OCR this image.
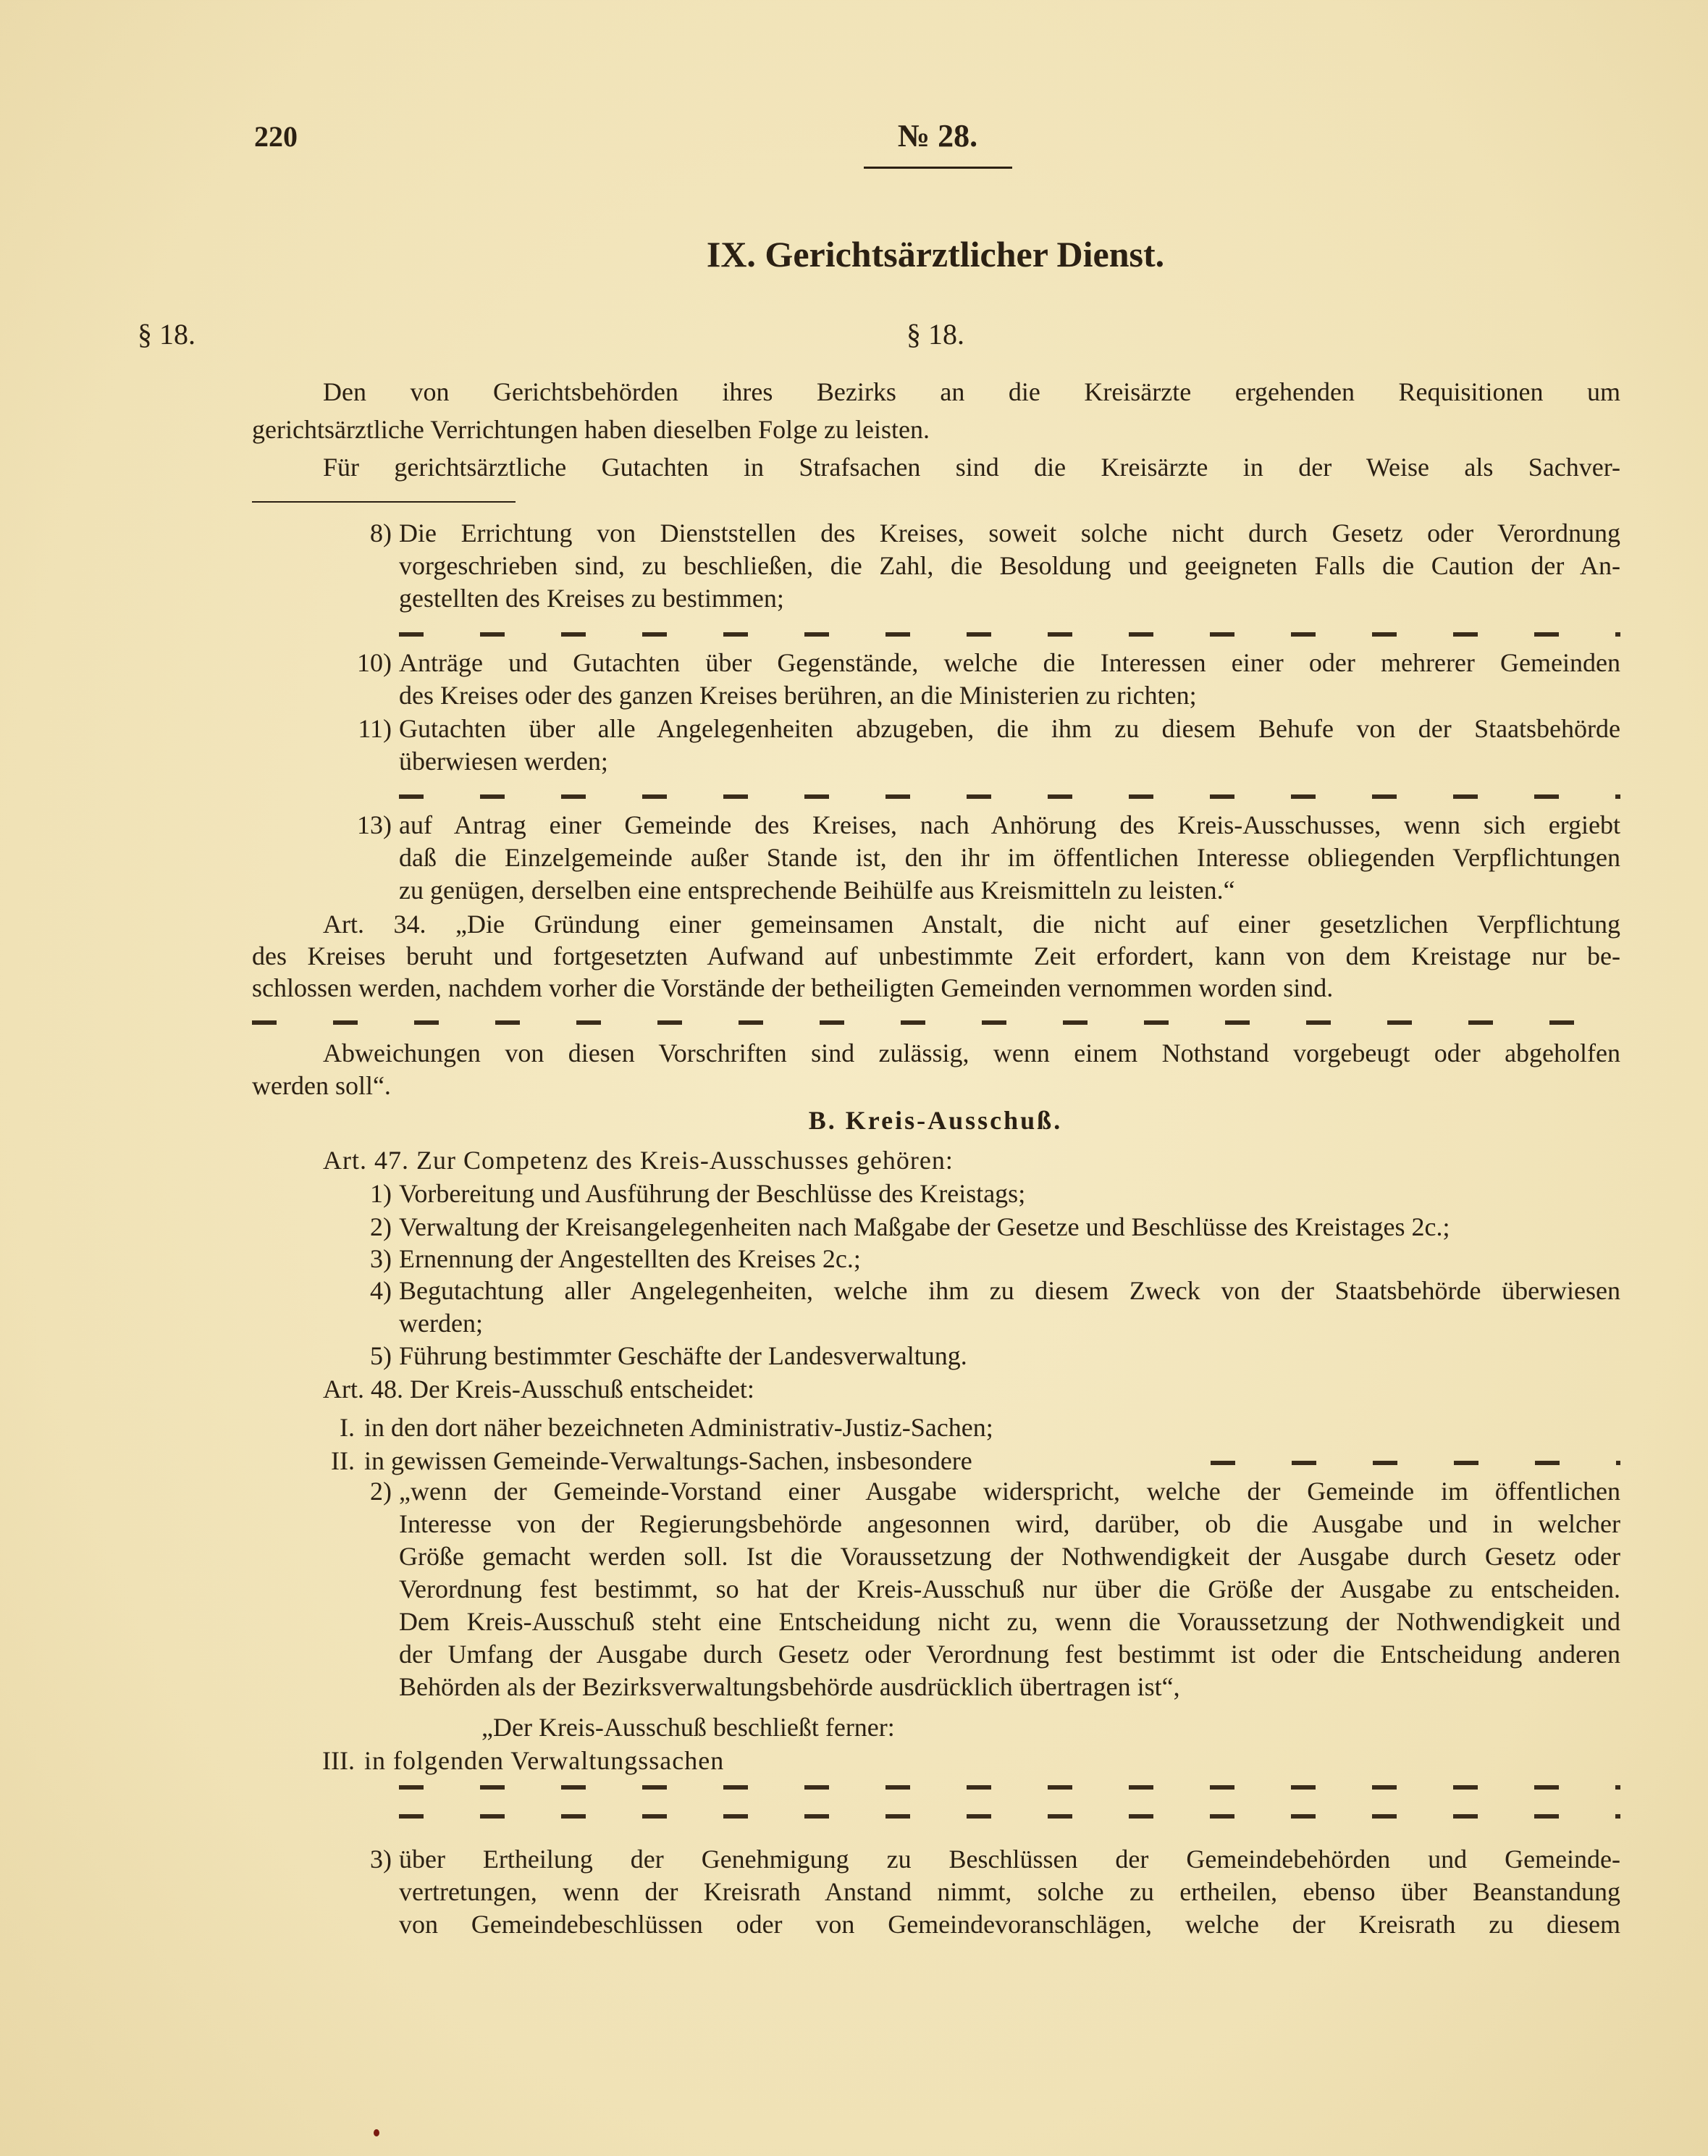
220	№ 28.
IX. Gerichtsärztlicher Dienst.
§ 18.	§ 18.
Den von Gerichtsbehörden ihres Bezirks an die Kreisärzte ergehenden Requisitionen um
gerichtsärztliche Verrichtungen haben dieselben Folge zu leisten.
Für gerichtsärztliche Gutachten in Strafsachen sind die Kreisärzte in der Weise als Sachver-
8) Die Errichtung von Dienststellen des Kreises, soweit solche nicht durch Gesetz oder Verordnung
vorgeschrieben sind, zu beschließen, die Zahl, die Besoldung und geeigneten Falls die Caution der An-
gestellten des Kreises zu bestimmen;
10) Anträge und Gutachten über Gegenstände, welche die Interessen einer oder mehrerer Gemeinden
des Kreises oder des ganzen Kreises berühren, an die Ministerien zu richten;
11) Gutachten über alle Angelegenheiten abzugeben, die ihm zu diesem Behufe von der Staatsbehörde
überwiesen werden;
13) auf Antrag einer Gemeinde des Kreises, nach Anhörung des Kreis-Ausschusses, wenn sich ergiebt
daß die Einzelgemeinde außer Stande ist, den ihr im öffentlichen Interesse obliegenden Verpflichtungen
zu genügen, derselben eine entsprechende Beihülfe aus Kreismitteln zu leisten.“
Art. 34. „Die Gründung einer gemeinsamen Anstalt, die nicht auf einer gesetzlichen Verpflichtung
des Kreises beruht und fortgesetzten Aufwand auf unbestimmte Zeit erfordert, kann von dem Kreistage nur be-
schlossen werden, nachdem vorher die Vorstände der betheiligten Gemeinden vernommen worden sind.
Abweichungen von diesen Vorschriften sind zulässig, wenn einem Nothstand vorgebeugt oder abgeholfen
werden soll“.
B. Kreis-Ausschuß.
Art. 47. Zur Competenz des Kreis-Ausschusses gehören:
1) Vorbereitung und Ausführung der Beschlüsse des Kreistags;
2) Verwaltung der Kreisangelegenheiten nach Maßgabe der Gesetze und Beschlüsse des Kreistages 2c.;
3) Ernennung der Angestellten des Kreises 2c.;
4) Begutachtung aller Angelegenheiten, welche ihm zu diesem Zweck von der Staatsbehörde überwiesen
werden;
5) Führung bestimmter Geschäfte der Landesverwaltung.
Art. 48. Der Kreis-Ausschuß entscheidet:
I. in den dort näher bezeichneten Administrativ-Justiz-Sachen;
II. in gewissen Gemeinde-Verwaltungs-Sachen, insbesondere
2) „wenn der Gemeinde-Vorstand einer Ausgabe widerspricht, welche der Gemeinde im öffentlichen
Interesse von der Regierungsbehörde angesonnen wird, darüber, ob die Ausgabe und in welcher
Größe gemacht werden soll. Ist die Voraussetzung der Nothwendigkeit der Ausgabe durch Gesetz oder
Verordnung fest bestimmt, so hat der Kreis-Ausschuß nur über die Größe der Ausgabe zu entscheiden.
Dem Kreis-Ausschuß steht eine Entscheidung nicht zu, wenn die Voraussetzung der Nothwendigkeit und
der Umfang der Ausgabe durch Gesetz oder Verordnung fest bestimmt ist oder die Entscheidung anderen
Behörden als der Bezirksverwaltungsbehörde ausdrücklich übertragen ist“,
„Der Kreis-Ausschuß beschließt ferner:
III. in folgenden Verwaltungssachen
3) über Ertheilung der Genehmigung zu Beschlüssen der Gemeindebehörden und Gemeinde-
vertretungen, wenn der Kreisrath Anstand nimmt, solche zu ertheilen, ebenso über Beanstandung
von Gemeindebeschlüssen oder von Gemeindevoranschlägen, welche der Kreisrath zu diesem
